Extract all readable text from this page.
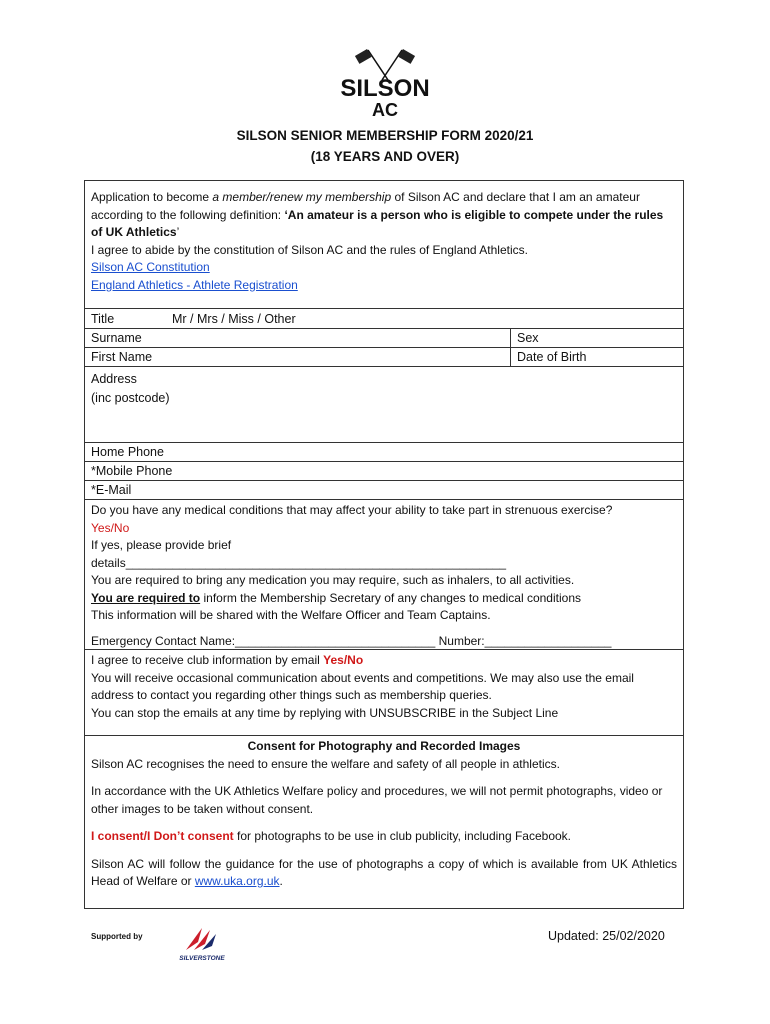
SILSON
AC
SILSON SENIOR MEMBERSHIP FORM 2020/21
(18 YEARS AND OVER)
Application to become a member/renew my membership of Silson AC and declare that I am an amateur according to the following definition: ‘An amateur is a person who is eligible to compete under the rules of UK Athletics’
I agree to abide by the constitution of Silson AC and the rules of England Athletics.
Silson AC Constitution
England Athletics - Athlete Registration
Title	Mr / Mrs / Miss / Other
Surname	Sex
First Name	Date of Birth
Address
(inc postcode)
Home Phone
*Mobile Phone
*E-Mail
Do you have any medical conditions that may affect your ability to take part in strenuous exercise?
Yes/No
If yes, please provide brief
details_________________________________________________________
You are required to bring any medication you may require, such as inhalers, to all activities.
You are required to inform the Membership Secretary of any changes to medical conditions
This information will be shared with the Welfare Officer and Team Captains.
Emergency Contact Name:______________________________ Number:___________________
I agree to receive club information by email Yes/No
You will receive occasional communication about events and competitions. We may also use the email address to contact you regarding other things such as membership queries.
You can stop the emails at any time by replying with UNSUBSCRIBE in the Subject Line
Consent for Photography and Recorded Images
Silson AC recognises the need to ensure the welfare and safety of all people in athletics.
In accordance with the UK Athletics Welfare policy and procedures, we will not permit photographs, video or other images to be taken without consent.
I consent/I Don’t consent for photographs to be use in club publicity, including Facebook.
Silson AC will follow the guidance for the use of photographs a copy of which is available from UK Athletics Head of Welfare or www.uka.org.uk.
Supported by
SILVERSTONE
Updated: 25/02/2020
